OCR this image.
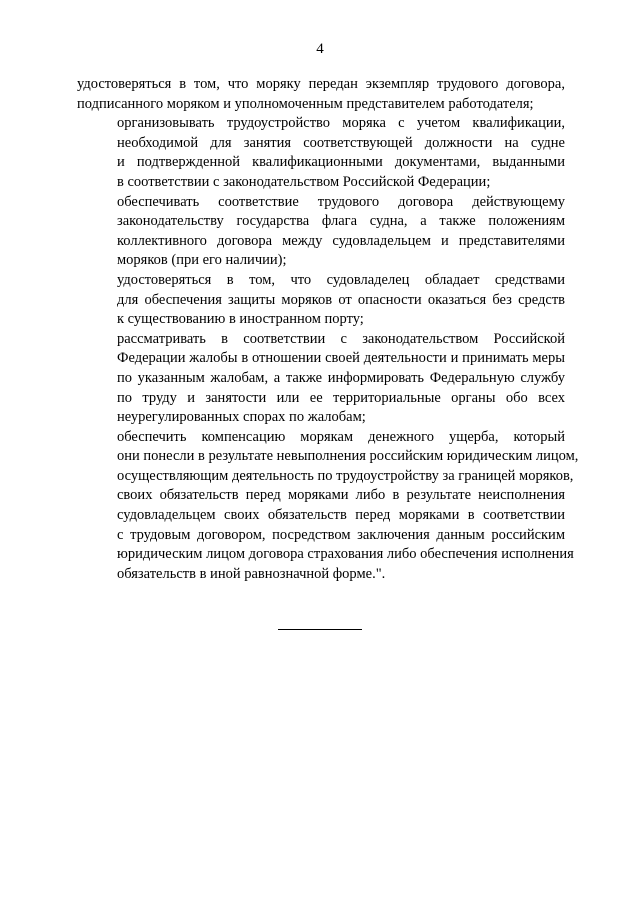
4

удостоверяться в том, что моряку передан экземпляр трудового договора,
подписанного моряком и уполномоченным представителем работодателя;

организовывать трудоустройство моряка с учетом квалификации,
необходимой для занятия соответствующей должности на судне
и подтвержденной квалификационными документами, выданными
в соответствии с законодательством Российской Федерации;

обеспечивать соответствие трудового договора действующему
законодательству государства флага судна, а также положениям
коллективного договора между судовладельцем и представителями
моряков (при его наличии);

удостоверяться в том, что судовладелец обладает средствами
для обеспечения защиты моряков от опасности оказаться без средств
к существованию в иностранном порту;

рассматривать в соответствии с законодательством Российской
Федерации жалобы в отношении своей деятельности и принимать меры
по указанным жалобам, а также информировать Федеральную службу
по труду и занятости или ее территориальные органы обо всех
неурегулированных спорах по жалобам;

обеспечить компенсацию морякам денежного ущерба, который
они понесли в результате невыполнения российским юридическим лицом,
осуществляющим деятельность по трудоустройству за границей моряков,
своих обязательств перед моряками либо в результате неисполнения
судовладельцем своих обязательств перед моряками в соответствии
с трудовым договором, посредством заключения данным российским
юридическим лицом договора страхования либо обеспечения исполнения
обязательств в иной равнозначной форме.".
